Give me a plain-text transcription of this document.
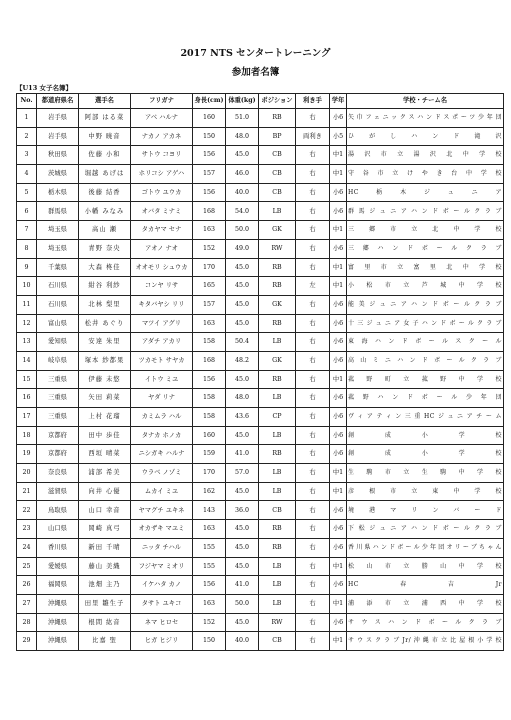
2017 NTS センタートレーニング
参加者名簿
【U13 女子名簿】
No.	都道府県名	選手名	フリガナ	身長(cm)	体重(kg)	ポジション	利き手	学年	学校・チーム名
1	岩手県	阿部 はる菜	アベ ハルナ	160	51.0	RB	右	小6	矢巾フェニックスハンドスポーツ少年団
2	岩手県	中野 暁音	ナカノ アカネ	150	48.0	BP	両利き	小5	ひがしハンド滝沢
3	秋田県	佐藤 小和	サトウ コヨリ	156	45.0	CB	右	中1	湯沢市立湯沢北中学校
4	茨城県	堀越 あげは	ホリコシ アゲハ	157	46.0	CB	右	中1	守谷市立けやき台中学校
5	栃木県	後藤 結香	ゴトウ ユウカ	156	40.0	CB	右	小6	HC栃木ジュニア
6	群馬県	小幡 みなみ	オバタ ミナミ	168	54.0	LB	右	小6	群馬ジュニアハンドボールクラブ
7	埼玉県	高山 瀬	タカヤマ セナ	163	50.0	GK	右	中1	三郷市立北中学校
8	埼玉県	青野 奈央	アオノ ナオ	152	49.0	RW	右	小6	三郷ハンドボールクラブ
9	千葉県	大森 柊佳	オオモリ シュウカ	170	45.0	RB	右	中1	富里市立富里北中学校
10	石川県	紺谷 利紗	コンヤ リサ	165	45.0	RB	左	中1	小松市立芦城中学校
11	石川県	北林 梨里	キタバヤシ リリ	157	45.0	GK	右	小6	能美ジュニアハンドボールクラブ
12	富山県	松井 あぐり	マツイ アグリ	163	45.0	RB	右	小6	十三ジュニア女子ハンドボールクラブ
13	愛知県	安達 朱里	アダチ アカリ	158	50.4	LB	右	小6	東海ハンドボールスクール
14	岐阜県	塚本 紗都果	ツカモト サヤカ	168	48.2	GK	右	小6	高山ミニハンドボールクラブ
15	三重県	伊藤 未悠	イトウ ミユ	156	45.0	RB	右	中1	菰野町立菰野中学校
16	三重県	矢田 莉菜	ヤダ リナ	158	48.0	LB	右	小6	菰野ハンドボール少年団
17	三重県	上村 花瑠	カミムラ ハル	158	43.6	CP	右	小6	ヴィアティン三重HCジュニアチーム
18	京都府	田中 歩佳	タナカ ホノカ	160	45.0	LB	右	小6	創成小学校
19	京都府	西垣 晴菜	ニシガキ ハルナ	159	41.0	RB	右	小6	創成小学校
20	奈良県	浦部 希美	ウラベ ノゾミ	170	57.0	LB	右	中1	生駒市立生駒中学校
21	滋賀県	向井 心優	ムカイ ミユ	162	45.0	LB	右	中1	彦根市立東中学校
22	鳥取県	山口 幸音	ヤマグチ ユキネ	143	36.0	CB	右	小6	境港マリンバード
23	山口県	岡崎 真弓	オカザキ マユミ	163	45.0	RB	右	小6	下松ジュニアハンドボールクラブ
24	香川県	新田 千晴	ニッタ チハル	155	45.0	RB	右	小6	香川県ハンドボール少年団オリーブちゃん
25	愛媛県	藤山 美織	フジヤマ ミオリ	155	45.0	LB	右	中1	松山市立勝山中学校
26	福岡県	池畑 主乃	イケハタ カノ	156	41.0	LB	右	小6	HC春吉Jr
27	沖縄県	田里 雛生子	タサト ユキコ	163	50.0	LB	右	中1	浦添市立浦西中学校
28	沖縄県	根間 紘音	ネマ ヒロセ	152	45.0	RW	右	小6	サウスハンドボールクラブ
29	沖縄県	比嘉 聖	ヒガ ヒジリ	150	40.0	CB	右	中1	サウスクラブJr/沖縄市立比屋根小学校
